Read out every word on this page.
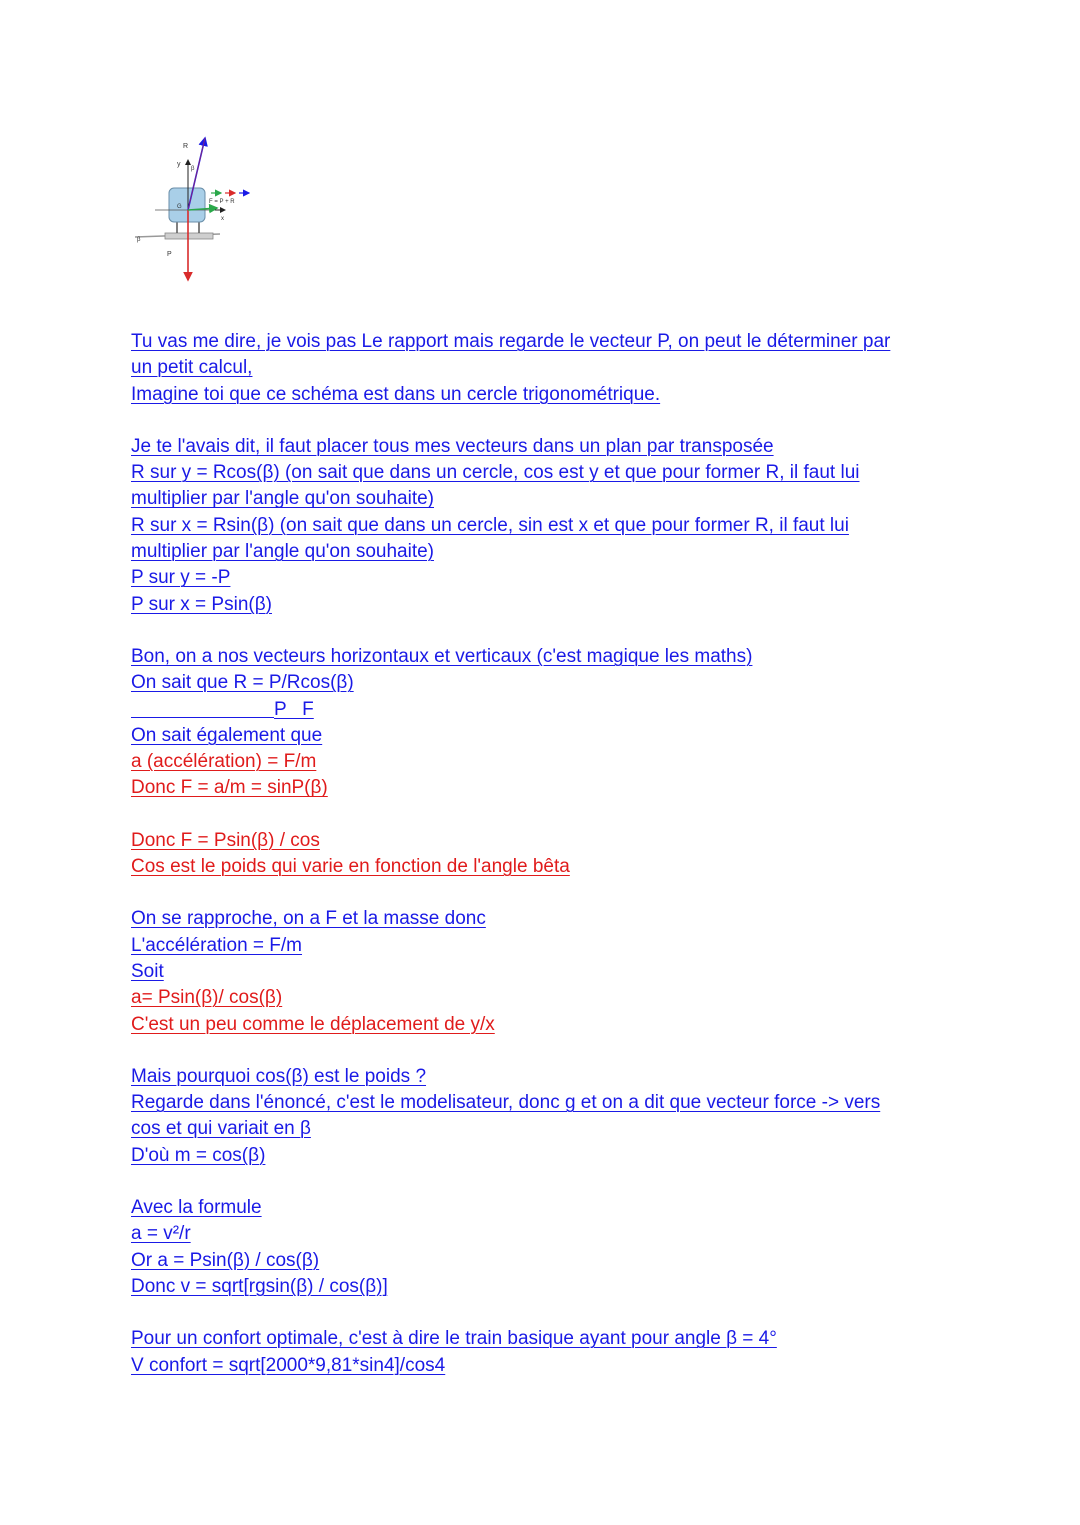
R
y
β
G
F = P + R
x
β
P
Tu vas me dire, je vois pas Le rapport mais regarde le vecteur P, on peut le déterminer par
un petit calcul,
Imagine toi que ce schéma est dans un cercle trigonométrique.
Je te l'avais dit, il faut placer tous mes vecteurs dans un plan par transposée
R sur y = Rcos(β) (on sait que dans un cercle, cos est y et que pour former R, il faut lui
multiplier par l'angle qu'on souhaite)
R sur x = Rsin(β) (on sait que dans un cercle, sin est x et que pour former R, il faut lui
multiplier par l'angle qu'on souhaite)
P sur y = -P
P sur x = Psin(β)
Bon, on a nos vecteurs horizontaux et verticaux (c'est magique les maths)
On sait que R = P/Rcos(β)
P   F
On sait également que
a (accélération) = F/m
Donc F = a/m = sinP(β)
Donc F = Psin(β) / cos
Cos est le poids qui varie en fonction de l'angle bêta
On se rapproche, on a F et la masse donc
L'accélération = F/m
Soit
a= Psin(β)/ cos(β)
C'est un peu comme le déplacement de y/x
Mais pourquoi cos(β) est le poids ?
Regarde dans l'énoncé, c'est le modelisateur, donc g et on a dit que vecteur force -> vers
cos et qui variait en β
D'où m = cos(β)
Avec la formule
a = v²/r
Or a = Psin(β) / cos(β)
Donc v = sqrt[rgsin(β) / cos(β)]
Pour un confort optimale, c'est à dire le train basique ayant pour angle β = 4°
V confort = sqrt[2000*9,81*sin4]/cos4
